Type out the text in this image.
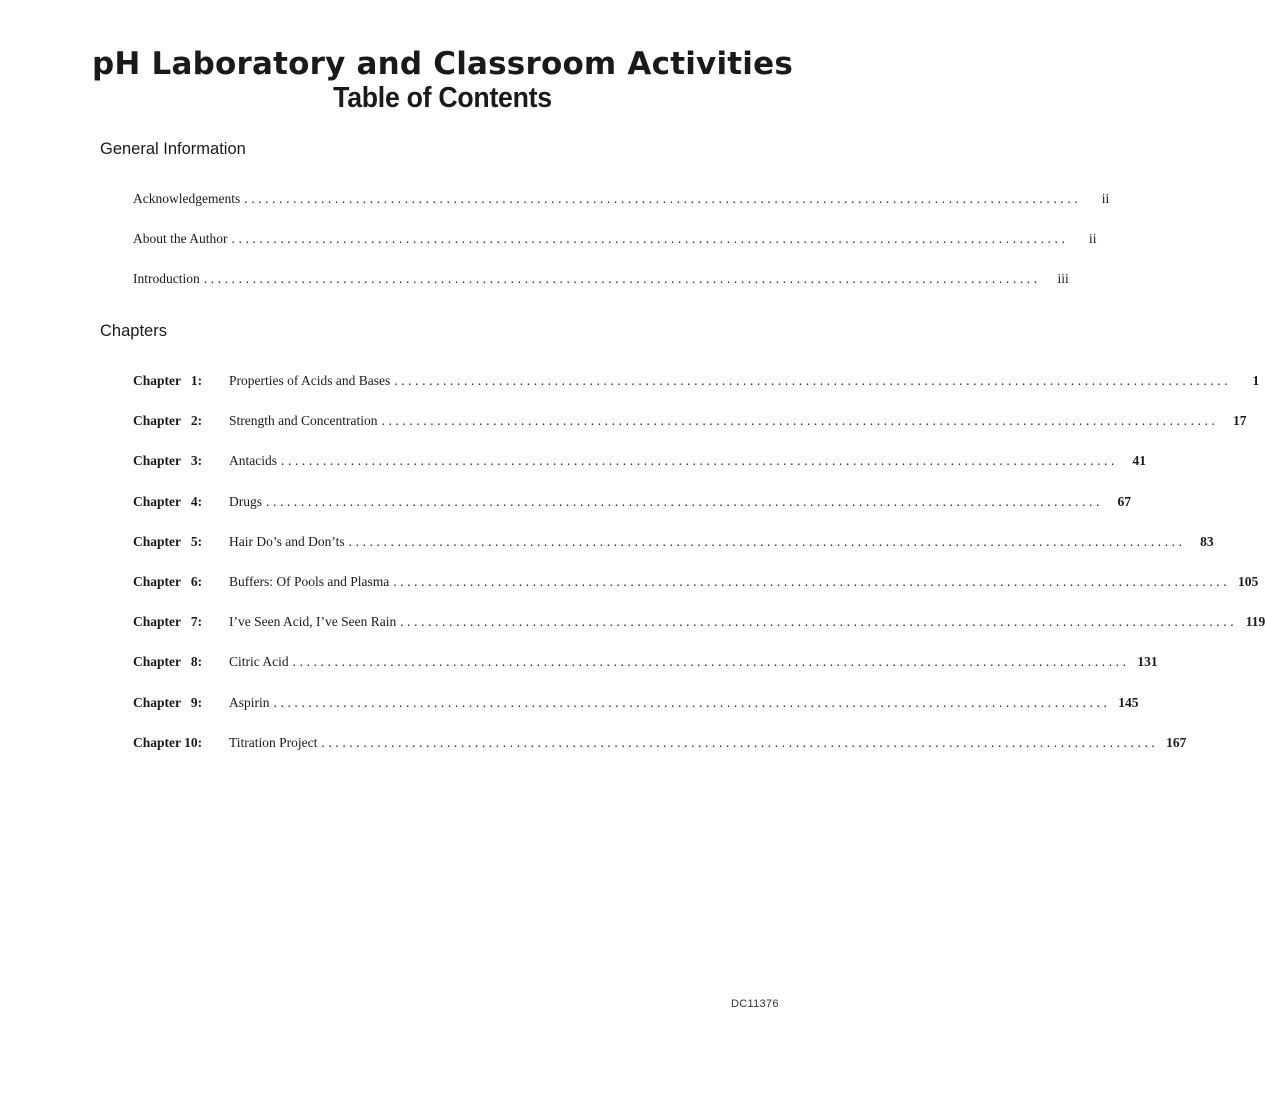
pH Laboratory and Classroom Activities
Table of Contents
General Information
Acknowledgements ........................................................................................................................	ii
About the Author ........................................................................................................................	ii
Introduction ........................................................................................................................	iii
Chapters
Chapter   1:	Properties of Acids and Bases ........................................................................................................................	1
Chapter   2:	Strength and Concentration ........................................................................................................................	17
Chapter   3:	Antacids ........................................................................................................................	41
Chapter   4:	Drugs ........................................................................................................................	67
Chapter   5:	Hair Do’s and Don’ts ........................................................................................................................	83
Chapter   6:	Buffers: Of Pools and Plasma ........................................................................................................................ 105
Chapter   7:	I’ve Seen Acid, I’ve Seen Rain ........................................................................................................................ 119
Chapter   8:	Citric Acid ........................................................................................................................ 131
Chapter   9:	Aspirin ........................................................................................................................ 145
Chapter 10:	Titration Project ........................................................................................................................ 167
DC11376
